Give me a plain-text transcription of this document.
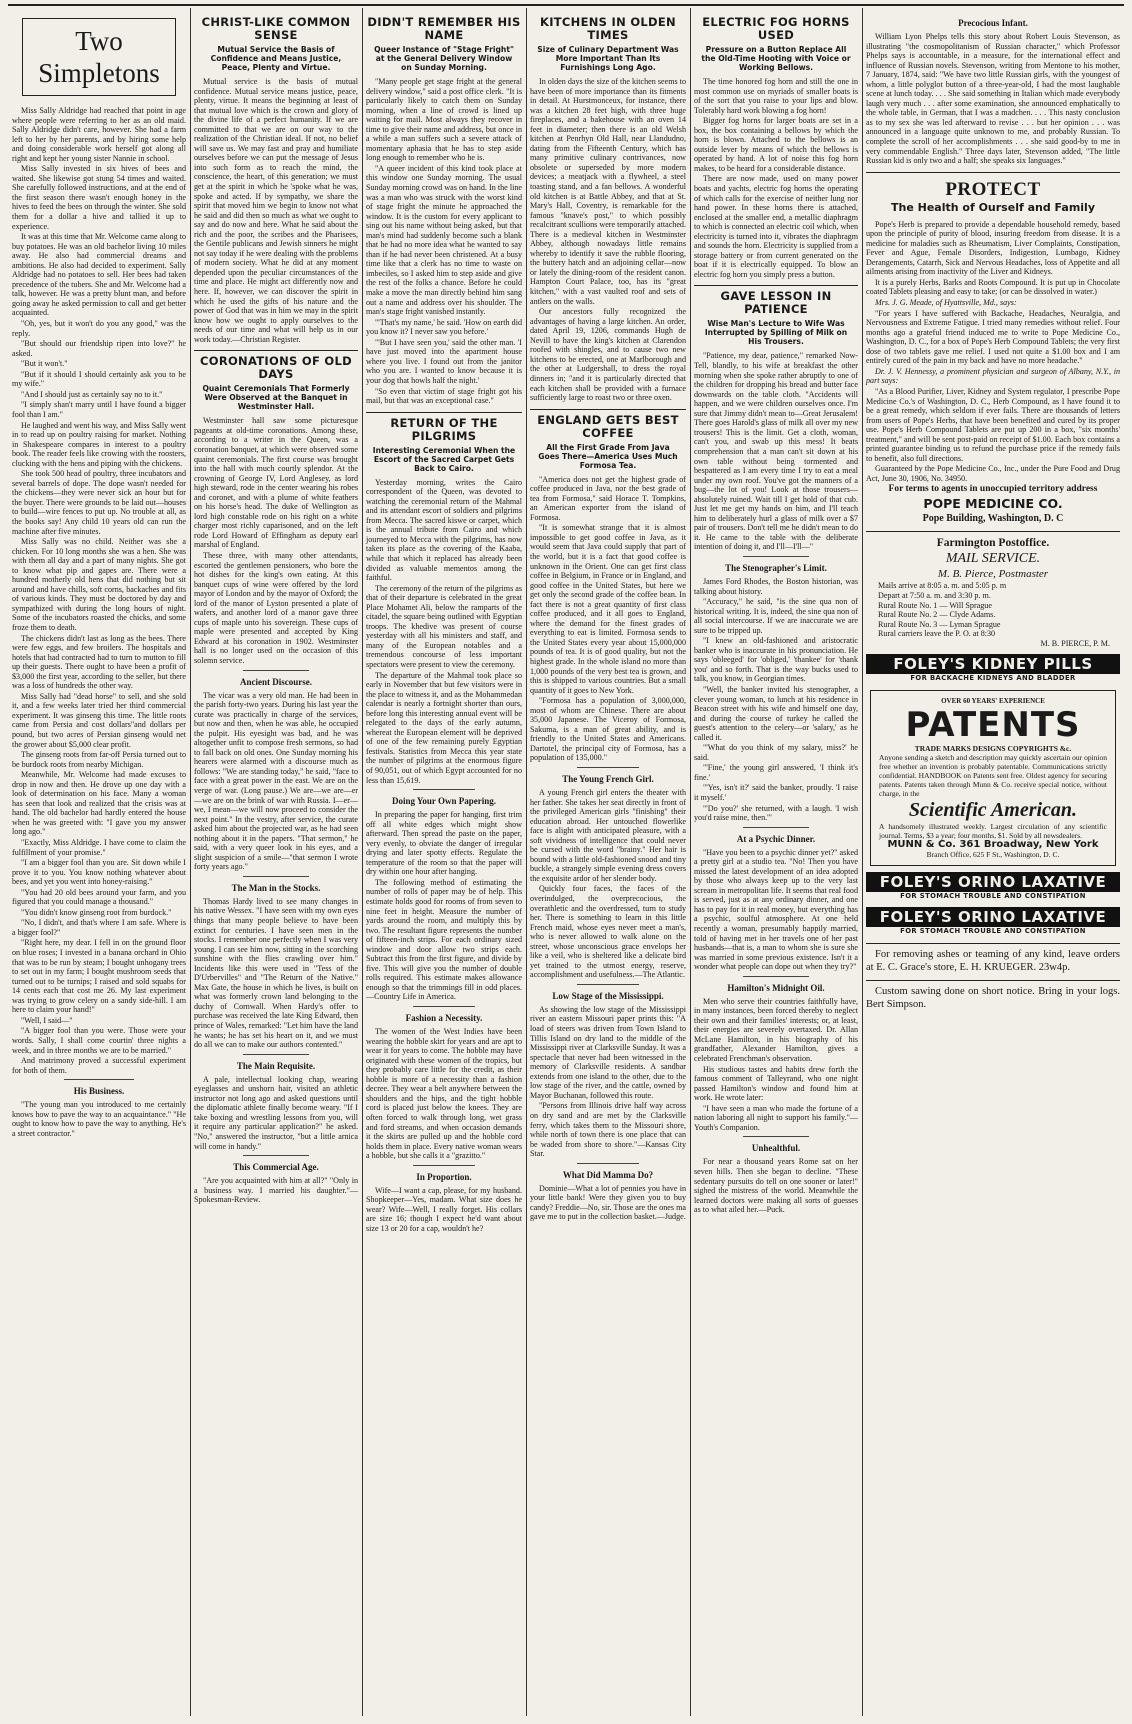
Two Simpletons

Miss Sally Aldridge had reached that point in age where people were referring to her as an old maid. Sally Aldridge didn't care, however. She had a farm left to her by her parents, and by hiring some help and doing considerable work herself got along all right and kept her young sister Nannie in school.

Miss Sally invested in six hives of bees and waited. She likewise got stung 54 times and waited. She carefully followed instructions, and at the end of the first season there wasn't enough honey in the hives to feed the bees on through the winter. She sold them for a dollar a hive and tallied it up to experience.

It was at this time that Mr. Welcome came along to buy potatoes. He was an old bachelor living 10 miles away. He also had commercial dreams and ambitions. He also had decided to experiment. Sally Aldridge had no potatoes to sell. Her bees had taken precedence of the tubers. She and Mr. Welcome had a talk, however. He was a pretty blunt man, and before going away he asked permission to call and get better acquainted.

"Oh, yes, but it won't do you any good," was the reply.

"But should our friendship ripen into love?" he asked.

"But it won't."

"But if it should I should certainly ask you to be my wife."

"And I should just as certainly say no to it."

"I simply shan't marry until I have found a bigger fool than I am."

He laughed and went his way, and Miss Sally went in to read up on poultry raising for market. Nothing in Shakespeare compares in interest to a poultry book. The reader feels like crowing with the roosters, clucking with the hens and piping with the chickens.

She took 500 head of poultry, three incubators and several barrels of dope. The dope wasn't needed for the chickens—they were never sick an hour but for the buyer. There were grounds to be laid out—houses to build—wire fences to put up. No trouble at all, as the books say! Any child 10 years old can run the machine after five minutes.

Miss Sally was no child. Neither was she a chicken. For 10 long months she was a hen. She was with them all day and a part of many nights. She got to know what pip and gapes are. There were a hundred motherly old hens that did nothing but sit around and have chills, soft corns, backaches and fits of various kinds. They must be doctored by day and sympathized with during the long hours of night. Some of the incubators roasted the chicks, and some froze them to death.

The chickens didn't last as long as the bees. There were few eggs, and few broilers. The hospitals and hotels that had contracted had to turn to mutton to fill up their guests. There ought to have been a profit of $3,000 the first year, according to the seller, but there was a loss of hundreds the other way.

Miss Sally had "dead horse" to sell, and she sold it, and a few weeks later tried her third commercial experiment. It was ginseng this time. The little roots came from Persia and cost dollars"and dollars per pound, but two acres of Persian ginseng would net the grower about $5,000 clear profit.

The ginseng roots from far-off Persia turned out to be burdock roots from nearby Michigan.

Meanwhile, Mr. Welcome had made excuses to drop in now and then. He drove up one day with a look of determination on his face. Many a woman has seen that look and realized that the crisis was at hand. The old bachelor had hardly entered the house when he was greeted with: "I gave you my answer long ago."

"Exactly, Miss Aldridge. I have come to claim the fulfillment of your promise."

"I am a bigger fool than you are. Sit down while I prove it to you. You know nothing whatever about bees, and yet you went into honey-raising."

"You had 20 old bees around your farm, and you figured that you could manage a thousand."

"You didn't know ginseng root from burdock."

"No, I didn't, and that's where I am safe. Where is a bigger fool?"

"Right here, my dear. I fell in on the ground floor on blue roses; I invested in a banana orchard in Ohio that was to be run by steam; I bought unhogany trees to set out in my farm; I bought mushroom seeds that turned out to be turnips; I raised and sold squabs for 14 cents each that cost me 26. My last experiment was trying to grow celery on a sandy side-hill. I am here to claim your hand!"

"Well, I said—"

"A bigger fool than you were. Those were your words. Sally, I shall come courtin' three nights a week, and in three months we are to be married."

And matrimony proved a successful experiment for both of them.

His Business.

"The young man you introduced to me certainly knows how to pave the way to an acquaintance." "He ought to know how to pave the way to anything. He's a street contractor."

CHRIST-LIKE COMMON SENSE
Mutual Service the Basis of Confidence and Means Justice, Peace, Plenty and Virtue.

Mutual service is the basis of mutual confidence. Mutual service means justice, peace, plenty, virtue. It means the beginning at least of that mutual love which is the crown and glory of the divine life of a perfect humanity. If we are committed to that we are on our way to the realization of the Christian ideal. If not, no belief will save us. We may fast and pray and humiliate ourselves before we can put the message of Jesus into such form as to reach the mind, the conscience, the heart, of this generation; we must get at the spirit in which he 'spoke what he was, spoke and acted. If by sympathy, we share the spirit that moved him we begin to know not what he said and did then so much as what we ought to say and do now and here. What he said about the rich and the poor, the scribes and the Pharisees, the Gentile publicans and Jewish sinners he might not say today if he were dealing with the problems of modern society. What he did at any moment depended upon the peculiar circumstances of the time and place. He might act differently now and here. If, however, we can discover the spirit in which he used the gifts of his nature and the power of God that was in him we may in the spirit know how we ought to apply ourselves to the needs of our time and what will help us in our work today.—Christian Register.

CORONATIONS OF OLD DAYS
Quaint Ceremonials That Formerly Were Observed at the Banquet in Westminster Hall.

Westminster hall saw some picturesque pageants at old-time coronations. Among these, according to a writer in the Queen, was a coronation banquet, at which were observed some quaint ceremonials. The first course was brought into the hall with much courtly splendor. At the crowning of George IV, Lord Anglesey, as lord high steward, rode in the center wearing his robes and coronet, and with a plume of white feathers on his horse's head. The duke of Wellington as lord high constable rode on his right on a white charger most richly caparisoned, and on the left rode Lord Howard of Effingham as deputy earl marshal of England.

These three, with many other attendants, escorted the gentlemen pensioners, who bore the hot dishes for the king's own eating. At this banquet cups of wine were offered by the lord mayor of London and by the mayor of Oxford; the lord of the manor of Lyston presented a plate of wafers, and another lord of a manor gave three cups of maple unto his sovereign. These cups of maple were presented and accepted by King Edward at his coronation in 1902. Westminster hall is no longer used on the occasion of this solemn service.

Ancient Discourse.

The vicar was a very old man. He had been in the parish forty-two years. During his last year the curate was practically in charge of the services, but now and then, when he was able, he occupied the pulpit. His eyesight was bad, and he was altogether unfit to compose fresh sermons, so had to fall back on old ones. One Sunday morning his hearers were alarmed with a discourse much as follows: "We are standing today," he said, "face to face with a great power in the east. We are on the verge of war. (Long pause.) We are—we are—er—we are on the brink of war with Russia. I—er—we, I mean—we will now proceed to consider the next point." In the vestry, after service, the curate asked him about the projected war, as he had seen nothing about it in the papers. "That sermon," he said, with a very queer look in his eyes, and a slight suspicion of a smile—"that sermon I wrote forty years ago."

The Man in the Stocks.

Thomas Hardy lived to see many changes in his native Wessex. "I have seen with my own eyes things that many people believe to have been extinct for centuries. I have seen men in the stocks. I remember one perfectly when I was very young. I can see him now, sitting in the scorching sunshine with the flies crawling over him." Incidents like this were used in "Tess of the D'Urbervilles" and "The Return of the Native." Max Gate, the house in which he lives, is built on what was formerly crown land belonging to the duchy of Cornwall. When Hardy's offer to purchase was received the late King Edward, then prince of Wales, remarked: "Let him have the land he wants; he has set his heart on it, and we must do all we can to make our authors contented."

The Main Requisite.

A pale, intellectual looking chap, wearing eyeglasses and unshorn hair, visited an athletic instructor not long ago and asked questions until the diplomatic athlete finally become weary. "If I take boxing and wrestling lessons from you, will it require any particular application?" he asked. "No," answered the instructor, "but a little arnica will come in handy."

This Commercial Age.

"Are you acquainted with him at all?" "Only in a business way. I married his daughter."—Spokesman-Review.

DIDN'T REMEMBER HIS NAME
Queer Instance of "Stage Fright" at the General Delivery Window on Sunday Morning.

"Many people get stage fright at the general delivery window," said a post office clerk. "It is particularly likely to catch them on Sunday morning, when a line of crowd is lined up waiting for mail. Most always they recover in time to give their name and address, but once in a while a man suffers such a severe attack of momentary aphasia that he has to step aside long enough to remember who he is.

"A queer incident of this kind took place at this window one Sunday morning. The usual Sunday morning crowd was on hand. In the line was a man who was struck with the worst kind of stage fright the minute he approached the window. It is the custom for every applicant to sing out his name without being asked, but that man's mind had suddenly become such a blank that he had no more idea what he wanted to say than if he had never been christened. At a busy time like that a clerk has no time to waste on imbeciles, so I asked him to step aside and give the rest of the folks a chance. Before he could make a move the man directly behind him sang out a name and address over his shoulder. The man's stage fright vanished instantly.

"'That's my name,' he said. 'How on earth did you know it? I never saw you before.'

"'But I have seen you,' said the other man. 'I have just moved into the apartment house where you live. I found out from the janitor who you are. I wanted to know because it is your dog that howls half the night.'

"So even that victim of stage fright got his mail, but that was an exceptional case."

RETURN OF THE PILGRIMS
Interesting Ceremonial When the Escort of the Sacred Carpet Gets Back to Cairo.

Yesterday morning, writes the Cairo correspondent of the Queen, was devoted to watching the ceremonial return of the Mahmal and its attendant escort of soldiers and pilgrims from Mecca. The sacred kiswe or carpet, which is the annual tribute from Cairo and which journeyed to Mecca with the pilgrims, has now taken its place as the covering of the Kaaba, while that which it replaced has already been divided as valuable mementos among the faithful.

The ceremony of the return of the pilgrims as that of their departure is celebrated in the great Place Mohamet Ali, below the ramparts of the citadel, the square being outlined with Egyptian troops. The khedive was present of course yesterday with all his ministers and staff, and many of the European notables and a tremendous concourse of less important spectators were present to view the ceremony.

The departure of the Mahmal took place so early in November that but few visitors were in the place to witness it, and as the Mohammedan calendar is nearly a fortnight shorter than ours, before long this interesting annual event will be relegated to the days of the early autumn, whereat the European element will be deprived of one of the few remaining purely Egyptian festivals. Statistics from Mecca this year state the number of pilgrims at the enormous figure of 90,051, out of which Egypt accounted for no less than 15,619.

Doing Your Own Papering.

In preparing the paper for hanging, first trim off all white edges which might show afterward. Then spread the paste on the paper, very evenly, to obviate the danger of irregular drying and later spotty effects. Regulate the temperature of the room so that the paper will dry within one hour after hanging.

The following method of estimating the number of rolls of paper may be of help. This estimate holds good for rooms of from seven to nine feet in height. Measure the number of yards around the room, and multiply this by two. The resultant figure represents the number of fifteen-inch strips. For each ordinary sized window and door allow two strips each. Subtract this from the first figure, and divide by five. This will give you the number of double rolls required. This estimate makes allowance enough so that the trimmings fill in odd places.—Country Life in America.

Fashion a Necessity.

The women of the West Indies have been wearing the hobble skirt for years and are apt to wear it for years to come. The hobble may have originated with these women of the tropics, but they probably care little for the credit, as their hobble is more of a necessity than a fashion decree. They wear a belt anywhere between the shoulders and the hips, and the tight hobble cord is placed just below the knees. They are often forced to walk through long, wet grass and ford streams, and when occasion demands it the skirts are pulled up and the hobble cord holds them in place. Every native woman wears a hobble, but she calls it a "grazitto."

In Proportion.

Wife—I want a cap, please, for my husband. Shopkeeper—Yes, madam. What size does he wear? Wife—Well, I really forget. His collars are size 16; though I expect he'd want about size 13 or 20 for a cap, wouldn't he?

KITCHENS IN OLDEN TIMES
Size of Culinary Department Was More Important Than Its Furnishings Long Ago.

In olden days the size of the kitchen seems to have been of more importance than its fitments in detail. At Hurstmonceux, for instance, there was a kitchen 28 feet high, with three huge fireplaces, and a bakehouse with an oven 14 feet in diameter; then there is an old Welsh kitchen at Penrhyn Old Hall, near Llandudno, dating from the Fifteenth Century, which has many primitive culinary contrivances, now obsolete or superseded by more modern devices; a meatjack with a flywheel, a steel toasting stand, and a fan bellows. A wonderful old kitchen is at Battle Abbey, and that at St. Mary's Hall, Coventry, is remarkable for the famous "knave's post," to which possibly recalcitrant scullions were temporarily attached. There is a medieval kitchen in Westminster Abbey, although nowadays little remains whereby to identify it save the rubble flooring, the buttery hatch and an adjoining cellar—now or lately the dining-room of the resident canon. Hampton Court Palace, too, has its "great kitchen," with a vast vaulted roof and sets of antlers on the walls.

Our ancestors fully recognized the advantages of having a large kitchen. An order, dated April 19, 1206, commands Hugh de Nevill to have the king's kitchen at Clarendon roofed with shingles, and to cause two new kitchens to be erected, one at Marlborough and the other at Ludgershall, to dress the royal dinners in; "and it is particularly directed that each kitchen shall be provided with a furnace sufficiently large to roast two or three oxen.

ENGLAND GETS BEST COFFEE
All the First Grade From Java Goes There—America Uses Much Formosa Tea.

"America does not get the highest grade of coffee produced in Java, nor the best grade of tea from Formosa," said Horace T. Tompkins, an American exporter from the island of Formosa.

"It is somewhat strange that it is almost impossible to get good coffee in Java, as it would seem that Java could supply that part of the world, but it is a fact that good coffee is unknown in the Orient. One can get first class coffee in Belgium, in France or in England, and good coffee in the United States, but here we get only the second grade of the coffee bean. In fact there is not a great quantity of first class coffee produced, and it all goes to England, where the demand for the finest grades of everything to eat is limited. Formosa sends to the United States every year about 15,000,000 pounds of tea. It is of good quality, but not the highest grade. In the whole island no more than 1,000 pounds of the very best tea is grown, and this is shipped to various countries. But a small quantity of it goes to New York.

"Formosa has a population of 3,000,000, most of whom are Chinese. There are about 35,000 Japanese. The Viceroy of Formosa, Sakuma, is a man of great ability, and is friendly to the United States and Americans. Dartotel, the principal city of Formosa, has a population of 135,000."

The Young French Girl.

A young French girl enters the theater with her father. She takes her seat directly in front of the privileged American girls "finishing" their education abroad. Her untouched flowerlike face is alight with anticipated pleasure, with a soft vividness of intelligence that could never be cursed with the word "brainy." Her hair is bound with a little old-fashioned snood and tiny buckle, a strangely simple evening dress covers the exquisite ardor of her slender body.

Quickly four faces, the faces of the overindulged, the overprecocious, the overathletic and the overdressed, turn to study her. There is something to learn in this little French maid, whose eyes never meet a man's, who is never allowed to walk alone on the street, whose unconscious grace envelops her like a veil, who is sheltered like a delicate bird yet trained to the utmost energy, reserve, accomplishment and usefulness.—The Atlantic.

Low Stage of the Mississippi.

As showing the low stage of the Mississippi river an eastern Missouri paper prints this: "A load of steers was driven from Town Island to Tillis Island on dry land to the middle of the Mississippi river at Clarksville Sunday. It was a spectacle that never had been witnessed in the memory of Clarksville residents. A sandbar extends from one island to the other, due to the low stage of the river, and the cattle, owned by Mayor Buchanan, followed this route.

"Persons from Illinois drive half way across on dry sand and are met by the Clarksville ferry, which takes them to the Missouri shore, while north of town there is one place that can be waded from shore to shore."—Kansas City Star.

What Did Mamma Do?

Dominie—What a lot of pennies you have in your little bank! Were they given you to buy candy? Freddie—No, sir. Those are the ones ma gave me to put in the collection basket.—Judge.

ELECTRIC FOG HORNS USED
Pressure on a Button Replace All the Old-Time Hooting with Voice or Working Bellows.

The time honored fog horn and still the one in most common use on myriads of smaller boats is of the sort that you raise to your lips and blow. Tolerably hard work blowing a fog horn!

Bigger fog horns for larger boats are set in a box, the box containing a bellows by which the horn is blown. Attached to the bellows is an outside lever by means of which the bellows is operated by hand. A lot of noise this fog horn makes, to be heard for a considerable distance.

There are now made, used on many power boats and yachts, electric fog horns the operating of which calls for the exercise of neither lung nor hand power. In these horns there is attached, enclosed at the smaller end, a metallic diaphragm to which is connected an electric coil which, when electricity is turned into it, vibrates the diaphragm and sounds the horn. Electricity is supplied from a storage battery or from current generated on the boat if it is electrically equipped. To blow an electric fog horn you simply press a button.

GAVE LESSON IN PATIENCE
Wise Man's Lecture to Wife Was Interrupted by Spilling of Milk on His Trousers.

"Patience, my dear, patience," remarked Now-Tell, blandly, to his wife at breakfast the other morning when she spoke rather abruptly to one of the children for dropping his bread and butter face downwards on the table cloth. "Accidents will happen, and we were children ourselves once. I'm sure that Jimmy didn't mean to—Great Jerusalem! There goes Harold's glass of milk all over my new trousers! This is the limit. Get a cloth, woman, can't you, and swab up this mess! It beats comprehension that a man can't sit down at his own table without being tormented and bespattered as I am every time I try to eat a meal under my own roof. You've got the manners of a bug—the lot of you! Look at those trousers—absolutely ruined. Wait till I get hold of that cub. Just let me get my hands on him, and I'll teach him to deliberately hurl a glass of milk over a $7 pair of trousers. Don't tell me he didn't mean to do it. He came to the table with the deliberate intention of doing it, and I'll—I'll—"

The Stenographer's Limit.

James Ford Rhodes, the Boston historian, was talking about history.

"Accuracy," he said, "is the sine qua non of historical writing. It is, indeed, the sine qua non of all social intercourse. If we are inaccurate we are sure to be tripped up.

"I knew an old-fashioned and aristocratic banker who is inaccurate in his pronunciation. He says 'obleeged' for 'obliged,' 'thankee' for 'thank you' and so forth. That is the way bucks used to talk, you know, in Georgian times.

"Well, the banker invited his stenographer, a clever young woman, to lunch at his residence in Beacon street with his wife and himself one day, and during the course of turkey he called the guest's attention to the celery—or 'salary,' as he called it.

"'What do you think of my salary, miss?' he said.

"'Fine,' the young girl answered, 'I think it's fine.'

"'Yes, isn't it?' said the banker, proudly. 'I raise it myself.'

"'Do you?' she returned, with a laugh. 'I wish you'd raise mine, then.'"

At a Psychic Dinner.

"Have you been to a psychic dinner yet?" asked a pretty girl at a studio tea. "No! Then you have missed the latest development of an idea adopted by those who always keep up to the very last scream in metropolitan life. It seems that real food is served, just as at any ordinary dinner, and one has to pay for it in real money, but everything has a psychic, soulful atmosphere. At one held recently a woman, presumably happily married, told of having met in her travels one of her past husbands—that is, a man to whom she is sure she was married in some previous existence. Isn't it a wonder what people can dope out when they try?"

Hamilton's Midnight Oil.

Men who serve their countries faithfully have, in many instances, been forced thereby to neglect their own and their families' interests; or, at least, their energies are severely overtaxed. Dr. Allan McLane Hamilton, in his biography of his grandfather, Alexander Hamilton, gives a celebrated Frenchman's observation.

His studious tastes and habits drew forth the famous comment of Talleyrand, who one night passed Hamilton's window and found him at work. He wrote later:

"I have seen a man who made the fortune of a nation laboring all night to support his family."—Youth's Companion.

Unhealthful.

For near a thousand years Rome sat on her seven hills. Then she began to decline. "These sedentary pursuits do tell on one sooner or later!" sighed the mistress of the world. Meanwhile the learned doctors were making all sorts of guesses as to what ailed her.—Puck.

Precocious Infant.

William Lyon Phelps tells this story about Robert Louis Stevenson, as illustrating "the cosmopolitanism of Russian character," which Professor Phelps says is accountable, in a measure, for the international effect and influence of Russian novels. Stevenson, writing from Mentone to his mother, 7 January, 1874, said: "We have two little Russian girls, with the youngest of whom, a little polyglot button of a three-year-old, I had the most laughable scene at lunch today. . . . She said something in Italian which made everybody laugh very much . . . after some examination, she announced emphatically to the whole table, in German, that I was a madchen. . . . This nasty conclusion as to my sex she was led afterward to revise . . . but her opinion . . . was announced in a language quite unknown to me, and probably Russian. To complete the scroll of her accomplishments . . . she said good-by to me in very commendable English." Three days later, Stevenson added, "The little Russian kid is only two and a half; she speaks six languages."

PROTECT
The Health of Ourself and Family

Pope's Herb is prepared to provide a dependable household remedy, based upon the principle of purity of blood, insuring freedom from disease. It is a medicine for maladies such as Rheumatism, Liver Complaints, Constipation, Fever and Ague, Female Disorders, Indigestion, Lumbago, Kidney Derangements, Catarrh, Sick and Nervous Headaches, loss of Appetite and all ailments arising from inactivity of the Liver and Kidneys.

It is a purely Herbs, Barks and Roots Compound. It is put up in Chocolate coated Tablets pleasing and easy to take; (or can be dissolved in water.)

Mrs. J. G. Meade, of Hyattsville, Md., says:

"For years I have suffered with Backache, Headaches, Neuralgia, and Nervousness and Extreme Fatigue. I tried many remedies without relief. Four months ago a grateful friend induced me to write to Pope Medicine Co., Washington, D. C., for a box of Pope's Herb Compound Tablets; the very first dose of two tablets gave me relief. I used not quite a $1.00 box and I am entirely cured of the pain in my back and have no more headache."

Dr. J. V. Hennessy, a prominent physician and surgeon of Albany, N.Y., in part says:

"As a Blood Purifier, Liver, Kidney and System regulator, I prescribe Pope Medicine Co.'s of Washington, D. C., Herb Compound, as I have found it to be a great remedy, which seldom if ever fails. There are thousands of letters from users of Pope's Herbs, that have been benefited and cured by its proper use. Pope's Herb Compound Tablets are put up 200 in a box, "six months' treatment," and will be sent post-paid on receipt of $1.00. Each box contains a printed guarantee binding us to refund the purchase price if the remedy fails to benefit, also full directions.

Guaranteed by the Pope Medicine Co., Inc., under the Pure Food and Drug Act, June 30, 1906, No. 34950.

For terms to agents in unoccupied territory address

POPE MEDICINE CO.
Pope Building, Washington, D. C
Farmington Postoffice.
MAIL SERVICE.
M. B. Pierce, Postmaster
Mails arrive at 8:05 a. m. and 5:05 p. m
Depart at 7:50 a. m. and 3:30 p. m.
Rural Route No. 1 — Will Sprague
Rural Route No. 2 — Clyde Adams.
Rural Route No. 3 — Lyman Sprague
Rural carriers leave the P. O. at 8:30
M. B. PIERCE, P. M.
FOLEY'S KIDNEY PILLS
FOR BACKACHE KIDNEYS AND BLADDER
OVER 60 YEARS' EXPERIENCE
PATENTS
TRADE MARKS DESIGNS COPYRIGHTS &c.
Anyone sending a sketch and description may quickly ascertain our opinion free whether an invention is probably patentable. Communications strictly confidential. HANDBOOK on Patents sent free. Oldest agency for securing patents. Patents taken through Munn & Co. receive special notice, without charge, in the
Scientific American.
A handsomely illustrated weekly. Largest circulation of any scientific journal. Terms, $3 a year; four months, $1. Sold by all newsdealers.
MUNN & Co. 361 Broadway, New York
Branch Office, 625 F St., Washington, D. C.
FOLEY'S ORINO LAXATIVE
FOR STOMACH TROUBLE AND CONSTIPATION
FOLEY'S ORINO LAXATIVE
FOR STOMACH TROUBLE AND CONSTIPATION

For removing ashes or teaming of any kind, leave orders at E. C. Grace's store, E. H. KRUEGER. 23w4p.

Custom sawing done on short notice. Bring in your logs. Bert Simpson.
